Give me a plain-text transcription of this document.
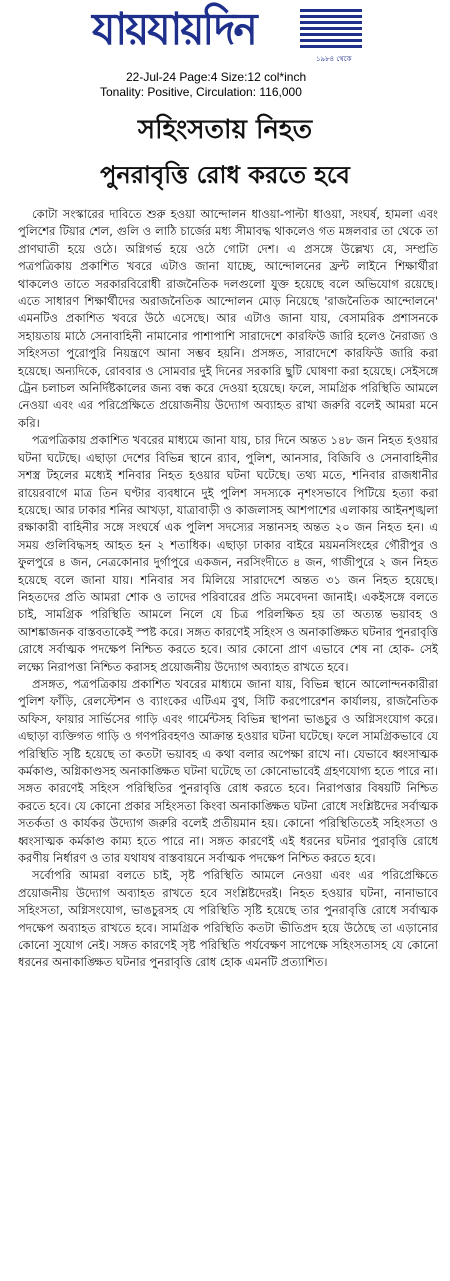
যায়যায়দিন
১৯৮৪ থেকে
22-Jul-24 Page:4 Size:12 col*inch
Tonality: Positive, Circulation: 116,000
সহিংসতায় নিহত
পুনরাবৃত্তি রোধ করতে হবে

কোটা সংস্কারের দাবিতে শুরু হওয়া আন্দোলন ধাওয়া-পাল্টা ধাওয়া, সংঘর্ষ, হামলা এবং পুলিশের টিয়ার শেল, গুলি ও লাঠি চার্জের মধ্য সীমাবদ্ধ থাকলেও গত মঙ্গলবার তা থেকে তা প্রাণঘাতী হয়ে ওঠে। অগ্নিগর্ভ হয়ে ওঠে গোটা দেশ। এ প্রসঙ্গে উল্লেখ্য যে, সম্প্রতি পত্রপত্রিকায় প্রকাশিত খবরে এটাও জানা যাচ্ছে, আন্দোলনের ফ্রন্ট লাইনে শিক্ষার্থীরা থাকলেও তাতে সরকারবিরোধী রাজনৈতিক দলগুলো যুক্ত হয়েছে বলে অভিযোগ রয়েছে। এতে সাধারণ শিক্ষার্থীদের অরাজনৈতিক আন্দোলন মোড় নিয়েছে 'রাজনৈতিক আন্দোলনে' এমনটিও প্রকাশিত খবরে উঠে এসেছে। আর এটাও জানা যায়, বেসামরিক প্রশাসনকে সহায়তায় মাঠে সেনাবাহিনী নামানোর পাশাপাশি সারাদেশে কারফিউ জারি হলেও নৈরাজ্য ও সহিংসতা পুরোপুরি নিয়ন্ত্রণে আনা সম্ভব হয়নি। প্রসঙ্গত, সারাদেশে কারফিউ জারি করা হয়েছে। অন্যদিকে, রোববার ও সোমবার দুই দিনের সরকারি ছুটি ঘোষণা করা হয়েছে। সেইসঙ্গে ট্রেন চলাচল অনির্দিষ্টকালের জন্য বন্ধ করে দেওয়া হয়েছে। ফলে, সামগ্রিক পরিস্থিতি আমলে নেওয়া এবং এর পরিপ্রেক্ষিতে প্রয়োজনীয় উদ্যোগ অব্যাহত রাখা জরুরি বলেই আমরা মনে করি।

পত্রপত্রিকায় প্রকাশিত খবরের মাধ্যমে জানা যায়, চার দিনে অন্তত ১৪৮ জন নিহত হওয়ার ঘটনা ঘটেছে। এছাড়া দেশের বিভিন্ন স্থানে র‍্যাব, পুলিশ, আনসার, বিজিবি ও সেনাবাহিনীর সশস্ত্র টহলের মধ্যেই শনিবার নিহত হওয়ার ঘটনা ঘটেছে। তথ্য মতে, শনিবার রাজধানীর রায়েরবাগে মাত্র তিন ঘণ্টার ব্যবধানে দুই পুলিশ সদস্যকে নৃশংসভাবে পিটিয়ে হত্যা করা হয়েছে। আর ঢাকার শনির আখড়া, যাত্রাবাড়ী ও কাজলাসহ আশপাশের এলাকায় আইনশৃঙ্খলা রক্ষাকারী বাহিনীর সঙ্গে সংঘর্ষে এক পুলিশ সদস্যের সন্তানসহ অন্তত ২০ জন নিহত হন। এ সময় গুলিবিদ্ধসহ আহত হন ২ শতাধিক। এছাড়া ঢাকার বাইরে ময়মনসিংহের গৌরীপুর ও ফুলপুরে ৪ জন, নেত্রকোনার দুর্গাপুরে একজন, নরসিংদীতে ৪ জন, গাজীপুরে ২ জন নিহত হয়েছে বলে জানা যায়। শনিবার সব মিলিয়ে সারাদেশে অন্তত ৩১ জন নিহত হয়েছে। নিহতদের প্রতি আমরা শোক ও তাদের পরিবারের প্রতি সমবেদনা জানাই। একইসঙ্গে বলতে চাই, সামগ্রিক পরিস্থিতি আমলে নিলে যে চিত্র পরিলক্ষিত হয় তা অত্যন্ত ভয়াবহ ও আশঙ্কাজনক বাস্তবতাকেই স্পষ্ট করে। সঙ্গত কারণেই সহিংস ও অনাকাঙ্ক্ষিত ঘটনার পুনরাবৃত্তি রোধে সর্বাত্মক পদক্ষেপ নিশ্চিত করতে হবে। আর কোনো প্রাণ এভাবে শেষ না হোক- সেই লক্ষ্যে নিরাপত্তা নিশ্চিত করাসহ প্রয়োজনীয় উদ্যোগ অব্যাহত রাখতে হবে।

প্রসঙ্গত, পত্রপত্রিকায় প্রকাশিত খবরের মাধ্যমে জানা যায়, বিভিন্ন স্থানে আলোন্দনকারীরা পুলিশ ফাঁড়ি, রেলস্টেশন ও ব্যাংকের এটিএম বুথ, সিটি করপোরেশন কার্যালয়, রাজনৈতিক অফিস, ফায়ার সার্ভিসের গাড়ি এবং গার্মেন্টসহ বিভিন্ন স্থাপনা ভাঙচুর ও অগ্নিসংযোগ করে। এছাড়া ব্যক্তিগত গাড়ি ও গণপরিবহণও আক্রান্ত হওয়ার ঘটনা ঘটেছে। ফলে সামগ্রিকভাবে যে পরিস্থিতি সৃষ্টি হয়েছে তা কতটা ভয়াবহ এ কথা বলার অপেক্ষা রাখে না। যেভাবে ধ্বংসাত্মক কর্মকাণ্ড, অগ্নিকাণ্ডসহ অনাকাঙ্ক্ষিত ঘটনা ঘটেছে তা কোনোভাবেই গ্রহণযোগ্য হতে পারে না। সঙ্গত কারণেই সহিংস পরিস্থিতির পুনরাবৃত্তি রোধ করতে হবে। নিরাপত্তার বিষয়টি নিশ্চিত করতে হবে। যে কোনো প্রকার সহিংসতা কিংবা অনাকাঙ্ক্ষিত ঘটনা রোধে সংশ্লিষ্টদের সর্বাত্মক সতর্কতা ও কার্যকর উদ্যোগ জরুরি বলেই প্রতীয়মান হয়। কোনো পরিস্থিতিতেই সহিংসতা ও ধ্বংসাত্মক কর্মকাণ্ড কাম্য হতে পারে না। সঙ্গত কারণেই এই ধরনের ঘটনার পুরাবৃত্তি রোধে করণীয় নির্ধারণ ও তার যথাযথ বাস্তবায়নে সর্বাত্মক পদক্ষেপ নিশ্চিত করতে হবে।

সর্বোপরি আমরা বলতে চাই, সৃষ্ট পরিস্থিতি আমলে নেওয়া এবং এর পরিপ্রেক্ষিতে প্রয়োজনীয় উদ্যোগ অব্যাহত রাখতে হবে সংশ্লিষ্টদেরই। নিহত হওয়ার ঘটনা, নানাভাবে সহিংসতা, অগ্নিসংযোগ, ভাঙচুরসহ যে পরিস্থিতি সৃষ্টি হয়েছে তার পুনরাবৃত্তি রোধে সর্বাত্মক পদক্ষেপ অব্যাহত রাখতে হবে। সামগ্রিক পরিস্থিতি কতটা ভীতিপ্রদ হয়ে উঠেছে তা এড়ানোর কোনো সুযোগ নেই। সঙ্গত কারণেই সৃষ্ট পরিস্থিতি পর্যবেক্ষণ সাপেক্ষে সহিংসতাসহ যে কোনো ধরনের অনাকাঙ্ক্ষিত ঘটনার পুনরাবৃত্তি রোধ হোক এমনটি প্রত্যাশিত।
